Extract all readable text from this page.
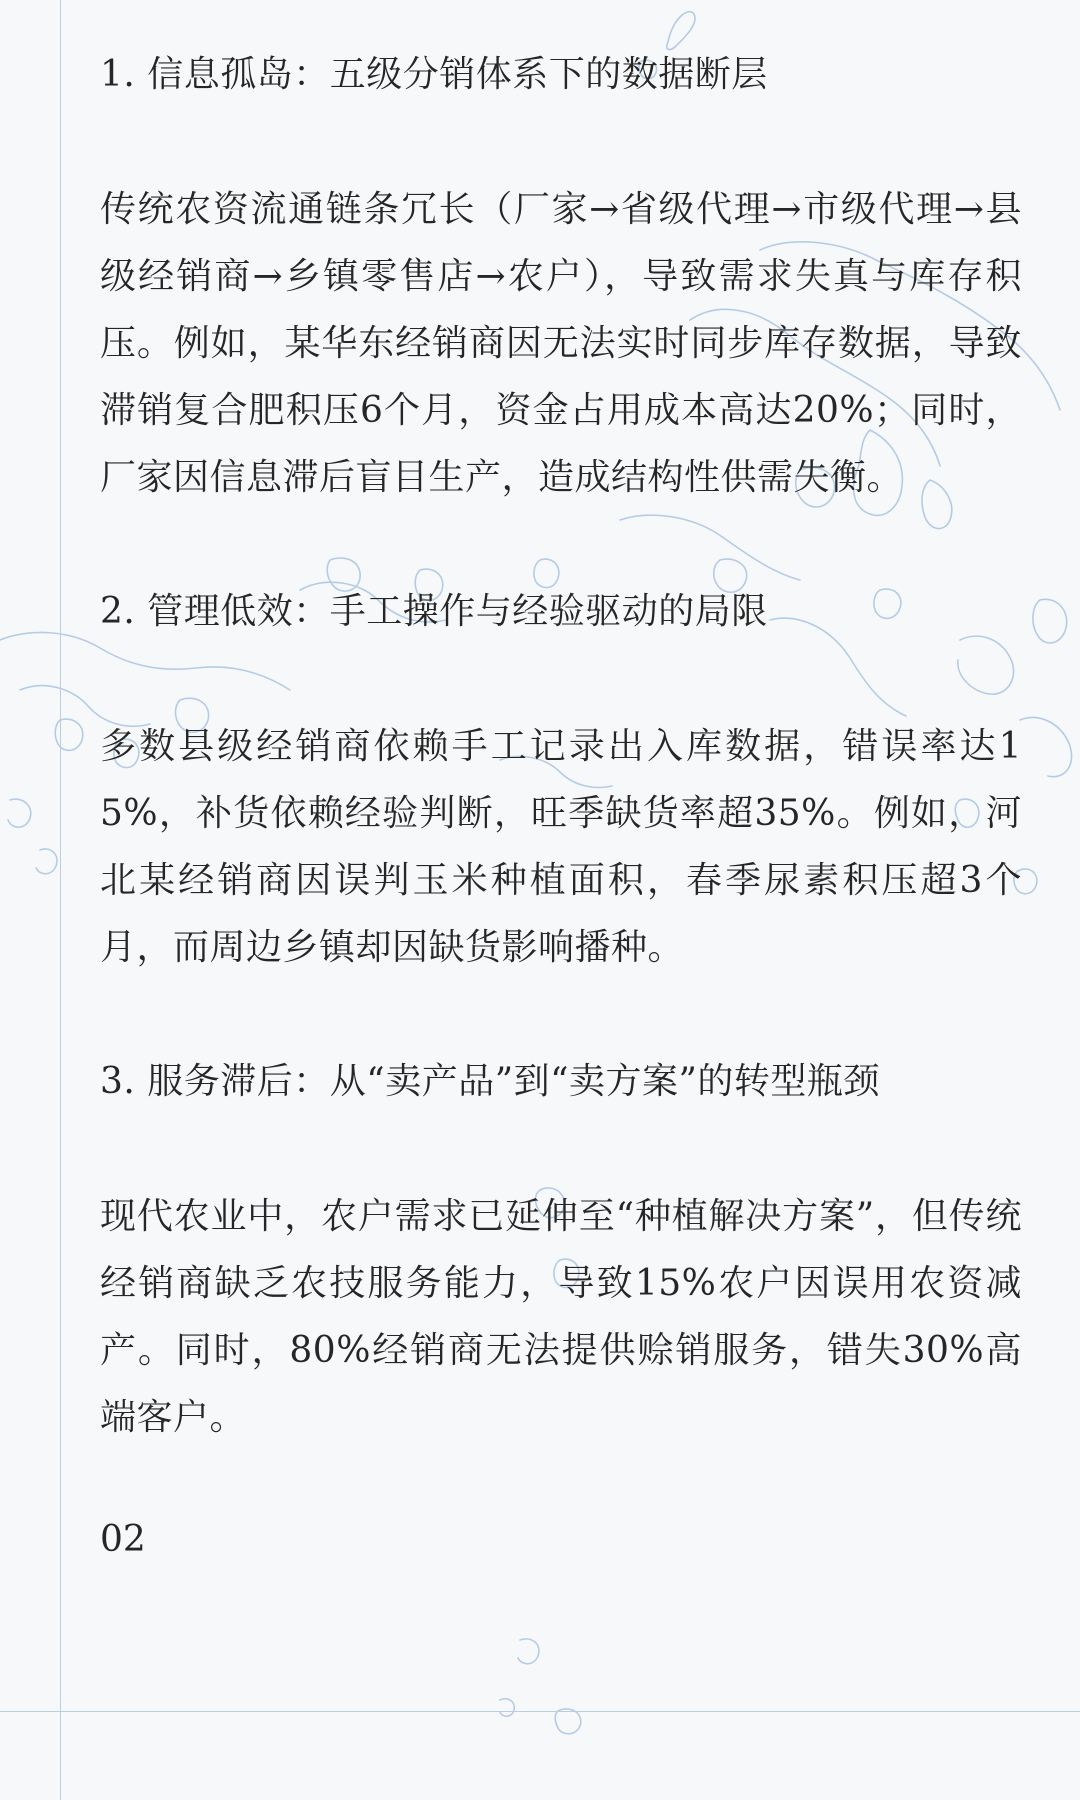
1. 信息孤岛：五级分销体系下的数据断层

传统农资流通链条冗长（厂家→省级代理→市级代理→县级经销商→乡镇零售店→农户），导致需求失真与库存积压。例如，某华东经销商因无法实时同步库存数据，导致滞销复合肥积压6个月，资金占用成本高达20%；同时，厂家因信息滞后盲目生产，造成结构性供需失衡。

2. 管理低效：手工操作与经验驱动的局限

多数县级经销商依赖手工记录出入库数据，错误率达15%，补货依赖经验判断，旺季缺货率超35%。例如，河北某经销商因误判玉米种植面积，春季尿素积压超3个月，而周边乡镇却因缺货影响播种。

3. 服务滞后：从“卖产品”到“卖方案”的转型瓶颈

现代农业中，农户需求已延伸至“种植解决方案”，但传统经销商缺乏农技服务能力，导致15%农户因误用农资减产。同时，80%经销商无法提供赊销服务，错失30%高端客户。

02
